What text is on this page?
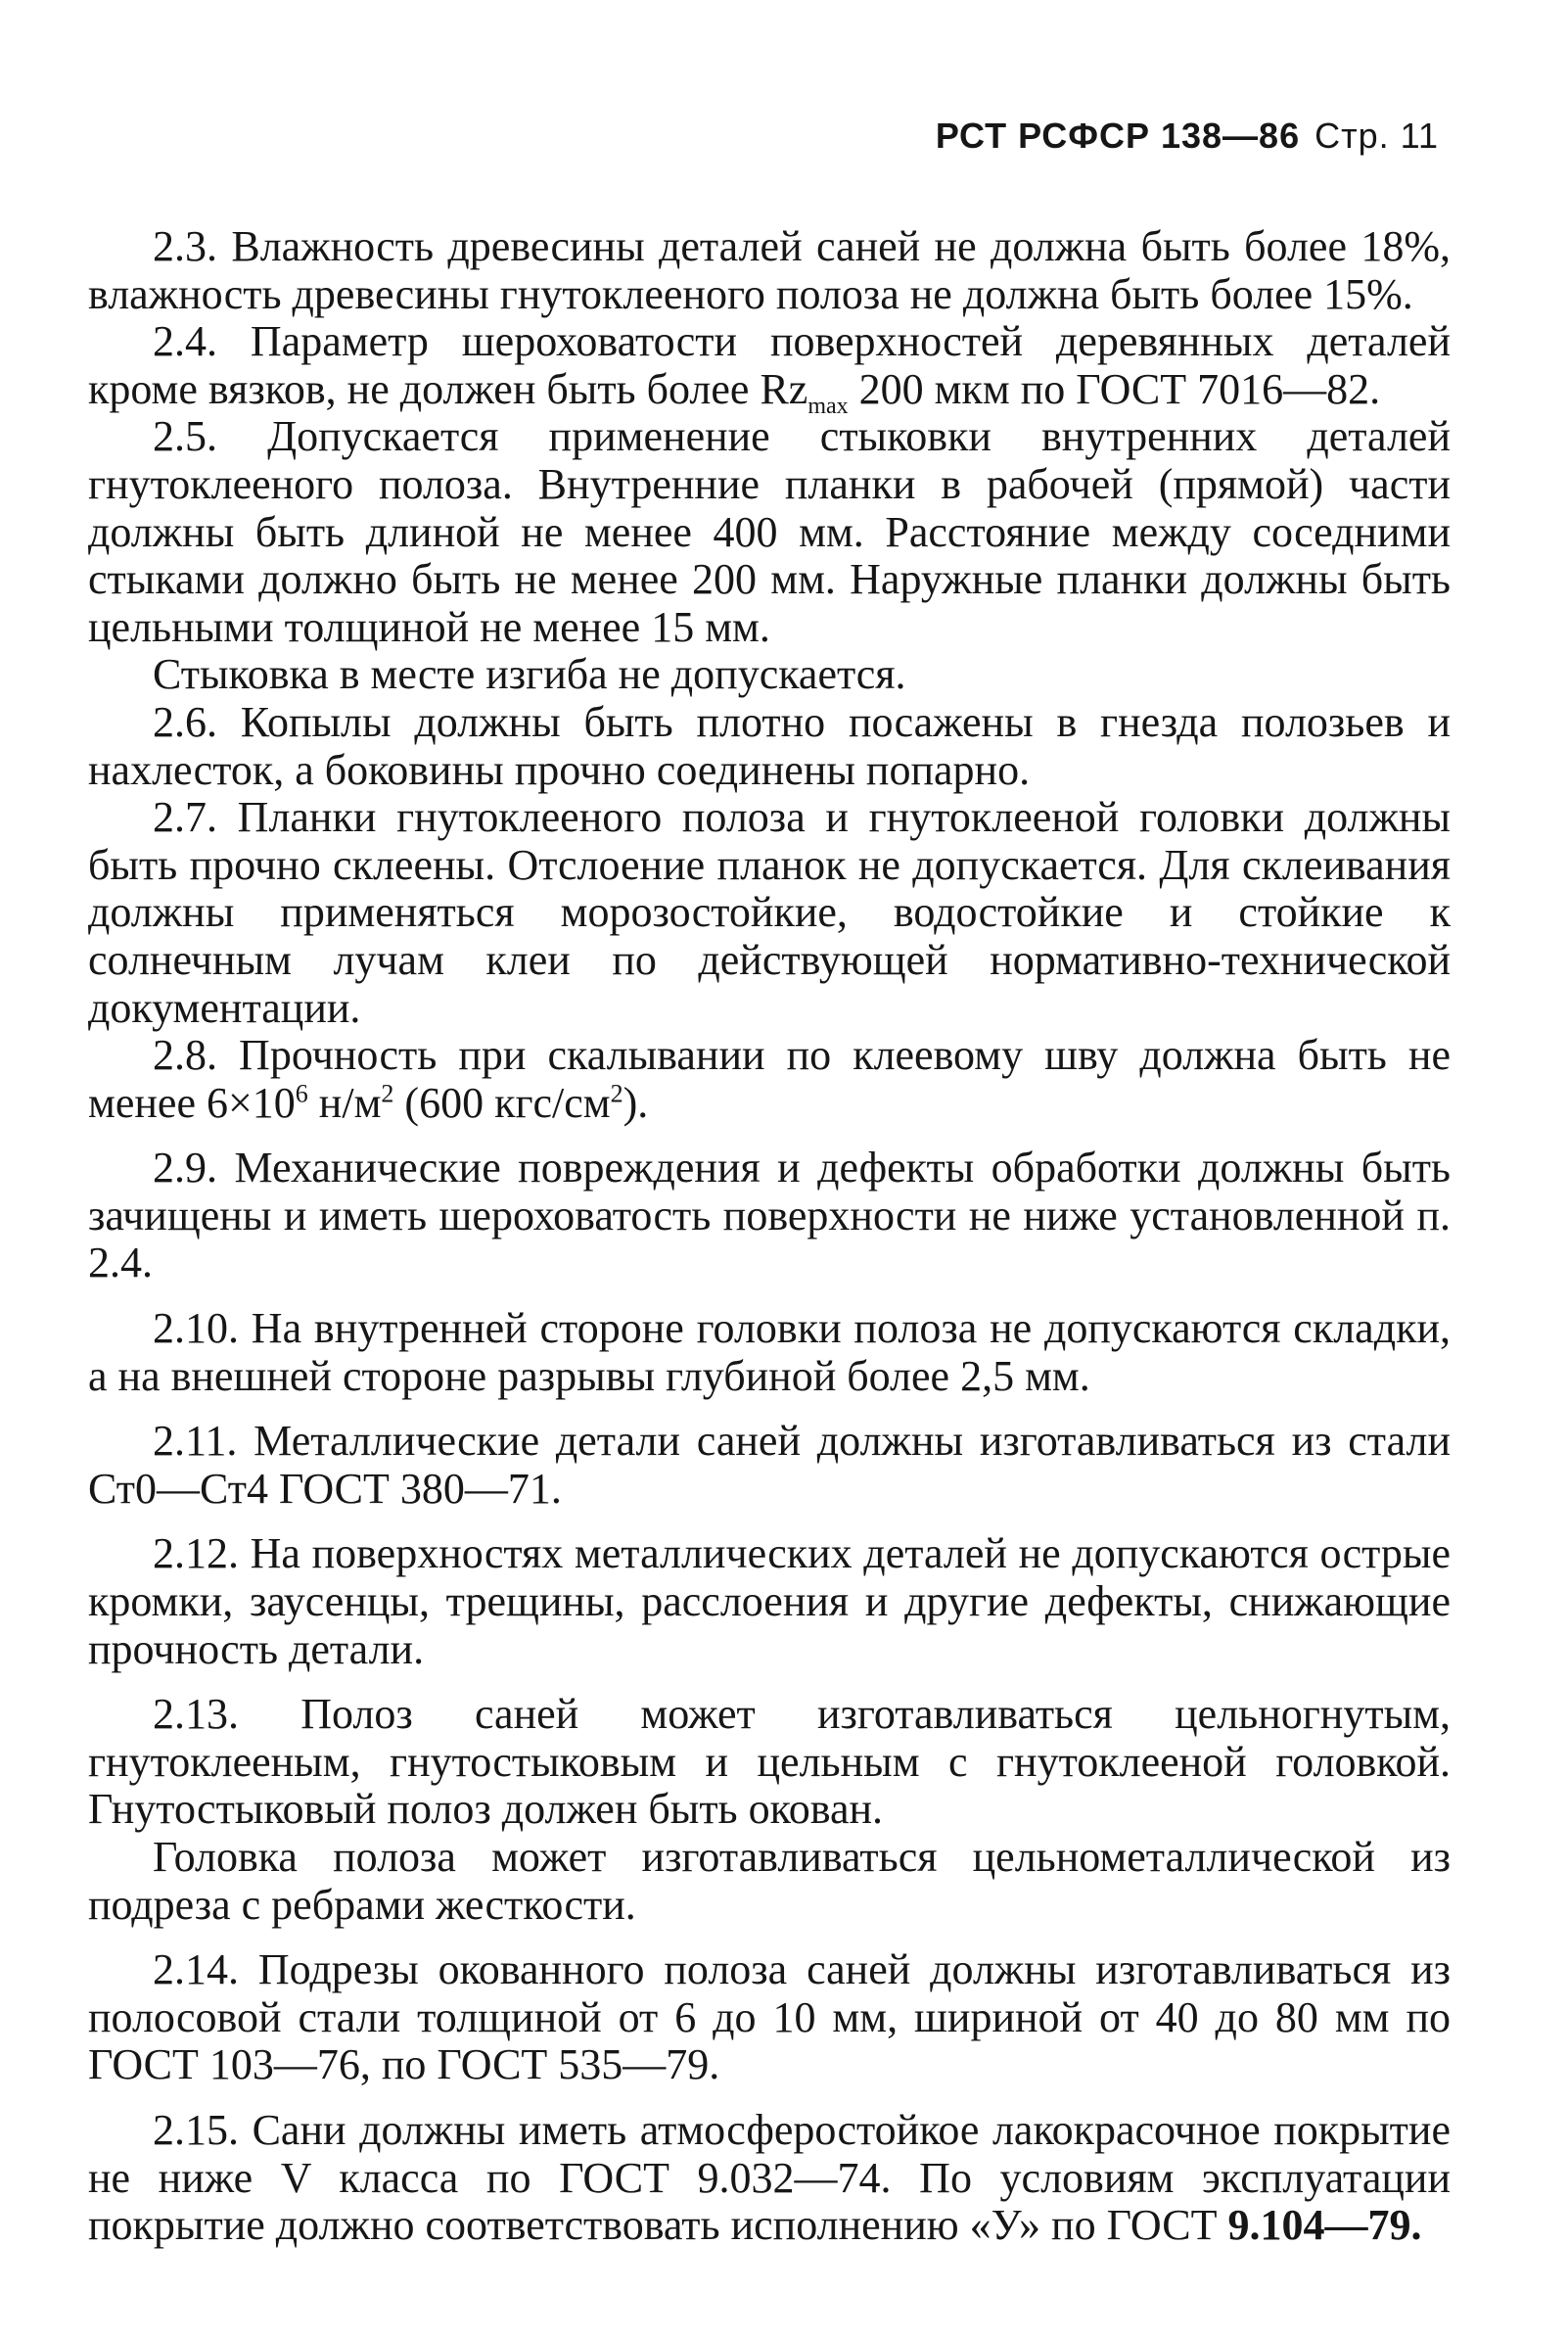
РСТ РСФСР 138—86 Стр. 11

2.3. Влажность древесины деталей саней не должна быть более 18%, влажность древесины гнутоклееного полоза не должна быть более 15%.

2.4. Параметр шероховатости поверхностей деревянных деталей кроме вязков, не должен быть более $Rz_{max}$ 200 мкм по ГОСТ 7016—82.

2.5. Допускается применение стыковки внутренних деталей гнутоклееного полоза. Внутренние планки в рабочей (прямой) части должны быть длиной не менее 400 мм. Расстояние между соседними стыками должно быть не менее 200 мм. Наружные планки должны быть цельными толщиной не менее 15 мм.

Стыковка в месте изгиба не допускается.

2.6. Копылы должны быть плотно посажены в гнезда полозьев и нахлесток, а боковины прочно соединены попарно.

2.7. Планки гнутоклееного полоза и гнутоклееной головки должны быть прочно склеены. Отслоение планок не допускается. Для склеивания должны применяться морозостойкие, водостойкие и стойкие к солнечным лучам клеи по действующей нормативно-технической документации.

2.8. Прочность при скалывании по клеевому шву должна быть не менее $6\times 10^6$ $н/м^2$ (600 кгс/$см^2$).

2.9. Механические повреждения и дефекты обработки должны быть зачищены и иметь шероховатость поверхности не ниже установленной п. 2.4.

2.10. На внутренней стороне головки полоза не допускаются складки, а на внешней стороне разрывы глубиной более 2,5 мм.

2.11. Металлические детали саней должны изготавливаться из стали Ст0—Ст4 ГОСТ 380—71.

2.12. На поверхностях металлических деталей не допускаются острые кромки, заусенцы, трещины, расслоения и другие дефекты, снижающие прочность детали.

2.13. Полоз саней может изготавливаться цельногнутым, гнутоклееным, гнутостыковым и цельным с гнутоклееной головкой. Гнутостыковый полоз должен быть окован.

Головка полоза может изготавливаться цельнометаллической из подреза с ребрами жесткости.

2.14. Подрезы окованного полоза саней должны изготавливаться из полосовой стали толщиной от 6 до 10 мм, шириной от 40 до 80 мм по ГОСТ 103—76, по ГОСТ 535—79.

2.15. Сани должны иметь атмосферостойкое лакокрасочное покрытие не ниже V класса по ГОСТ 9.032—74. По условиям эксплуатации покрытие должно соответствовать исполнению «У» по ГОСТ 9.104—79.
